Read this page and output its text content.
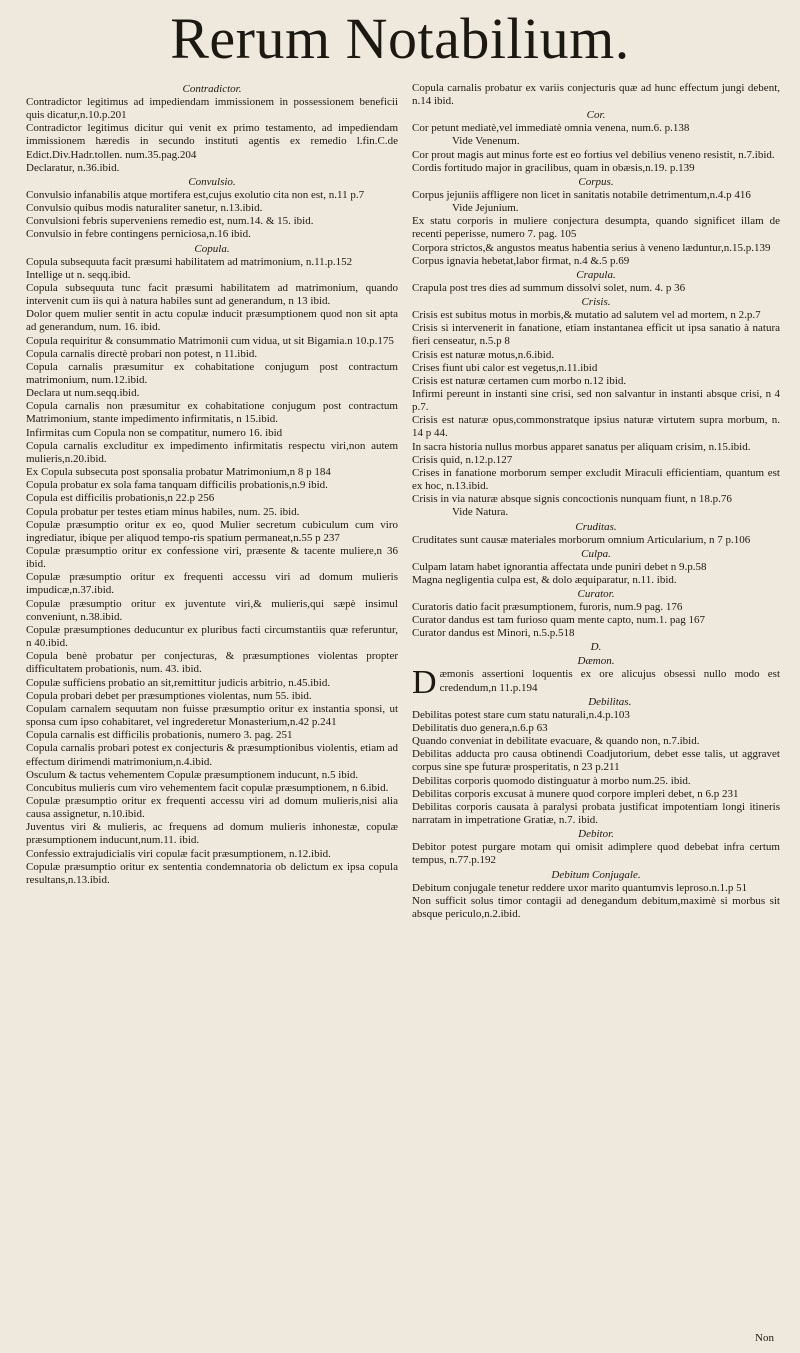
Rerum Notabilium.

Contradictor.

Contradictor legitimus ad impediendam immissionem in possessionem beneficii quis dicatur,n.10.p.201

Contradictor legitimus dicitur qui venit ex primo testamento, ad impediendam immissionem hæredis in secundo instituti agentis ex remedio l.fin.C.de Edict.Div.Hadr.tollen. num.35.pag.204

Declaratur, n.36.ibid.

Convulsio.

Convulsio infanabilis atque mortifera est,cujus exolutio cita non est, n.11 p.7

Convulsio quibus modis naturaliter sanetur, n.13.ibid.

Convulsioni febris superveniens remedio est, num.14. & 15. ibid.

Convulsio in febre contingens perniciosa,n.16 ibid.

Copula.

Copula subsequuta facit præsumi habilitatem ad matrimonium, n.11.p.152

Intellige ut n. seqq.ibid.

Copula subsequuta tunc facit præsumi habilitatem ad matrimonium, quando intervenit cum iis qui à natura habiles sunt ad generandum, n 13 ibid.

Dolor quem mulier sentit in actu copulæ inducit præsumptionem quod non sit apta ad generandum, num. 16. ibid.

Copula requiritur & consummatio Matrimonii cum vidua, ut sit Bigamia.n 10.p.175

Copula carnalis directè probari non potest, n 11.ibid.

Copula carnalis præsumitur ex cohabitatione conjugum post contractum matrimonium, num.12.ibid.

Declara ut num.seqq.ibid.

Copula carnalis non præsumitur ex cohabitatione conjugum post contractum Matrimonium, stante impedimento infirmitatis, n 15.ibid.

Infirmitas cum Copula non se compatitur, numero 16. ibid

Copula carnalis excluditur ex impedimento infirmitatis respectu viri,non autem mulieris,n.20.ibid.

Ex Copula subsecuta post sponsalia probatur Matrimonium,n 8 p 184

Copula probatur ex sola fama tanquam difficilis probationis,n.9 ibid.

Copula est difficilis probationis,n 22.p 256

Copula probatur per testes etiam minus habiles, num. 25. ibid.

Copulæ præsumptio oritur ex eo, quod Mulier secretum cubiculum cum viro ingrediatur, ibique per aliquod tempo-ris spatium permaneat,n.55 p 237

Copulæ præsumptio oritur ex confessione viri, præsente & tacente muliere,n 36 ibid.

Copulæ præsumptio oritur ex frequenti accessu viri ad domum mulieris impudicæ,n.37.ibid.

Copulæ præsumptio oritur ex juventute viri,& mulieris,qui sæpè insimul conveniunt, n.38.ibid.

Copulæ præsumptiones deducuntur ex pluribus facti circumstantiis quæ referuntur, n 40.ibid.

Copula benè probatur per conjecturas, & præsumptiones violentas propter difficultatem probationis, num. 43. ibid.

Copulæ sufficiens probatio an sit,remittitur judicis arbitrio, n.45.ibid.

Copula probari debet per præsumptiones violentas, num 55. ibid.

Copulam carnalem sequutam non fuisse præsumptio oritur ex instantia sponsi, ut sponsa cum ipso cohabitaret, vel ingrederetur Monasterium,n.42 p.241

Copula carnalis est difficilis probationis, numero 3. pag. 251

Copula carnalis probari potest ex conjecturis & præsumptionibus violentis, etiam ad effectum dirimendi matrimonium,n.4.ibid.

Osculum & tactus vehementem Copulæ præsumptionem inducunt, n.5 ibid.

Concubitus mulieris cum viro vehementem facit copulæ præsumptionem, n 6.ibid.

Copulæ præsumptio oritur ex frequenti accessu viri ad domum mulieris,nisi alia causa assignetur, n.10.ibid.

Juventus viri & mulieris, ac frequens ad domum mulieris inhonestæ, copulæ præsumptionem inducunt,num.11. ibid.

Confessio extrajudicialis viri copulæ facit præsumptionem, n.12.ibid.

Copulæ præsumptio oritur ex sententia condemnatoria ob delictum ex ipsa copula resultans,n.13.ibid.

Copula carnalis probatur ex variis conjecturis quæ ad hunc effectum jungi debent, n.14 ibid.

Cor.

Cor petunt mediatè,vel immediatè omnia venena, num.6. p.138

Vide Venenum.

Cor prout magis aut minus forte est eo fortius vel debilius veneno resistit, n.7.ibid.

Cordis fortitudo major in gracilibus, quam in obæsis,n.19. p.139

Corpus.

Corpus jejuniis affligere non licet in sanitatis notabile detrimentum,n.4.p 416

Vide Jejunium.

Ex statu corporis in muliere conjectura desumpta, quando significet illam de recenti peperisse, numero 7. pag. 105

Corpora strictos,& angustos meatus habentia serius à veneno læduntur,n.15.p.139

Corpus ignavia hebetat,labor firmat, n.4 &.5 p.69

Crapula.

Crapula post tres dies ad summum dissolvi solet, num. 4. p 36

Crisis.

Crisis est subitus motus in morbis,& mutatio ad salutem vel ad mortem, n 2.p.7

Crisis si intervenerit in fanatione, etiam instantanea efficit ut ipsa sanatio à natura fieri censeatur, n.5.p 8

Crisis est naturæ motus,n.6.ibid.

Crises fiunt ubi calor est vegetus,n.11.ibid

Crisis est naturæ certamen cum morbo n.12 ibid.

Infirmi pereunt in instanti sine crisi, sed non salvantur in instanti absque crisi, n 4 p.7.

Crisis est naturæ opus,commonstratque ipsius naturæ virtutem supra morbum, n. 14 p 44.

In sacra historia nullus morbus apparet sanatus per aliquam crisim, n.15.ibid.

Crisis quid, n.12.p.127

Crises in fanatione morborum semper excludit Miraculi efficientiam, quantum est ex hoc, n.13.ibid.

Crisis in via naturæ absque signis concoctionis nunquam fiunt, n 18.p.76

Vide Natura.

Cruditas.

Cruditates sunt causæ materiales morborum omnium Articularium, n 7 p.106

Culpa.

Culpam latam habet ignorantia affectata unde puniri debet n 9.p.58

Magna negligentia culpa est, & dolo æquiparatur, n.11. ibid.

Curator.

Curatoris datio facit præsumptionem, furoris, num.9 pag. 176

Curator dandus est tam furioso quam mente capto, num.1. pag 167

Curator dandus est Minori, n.5.p.518

D.

Dæmon.

Dæmonis assertioni loquentis ex ore alicujus obsessi nullo modo est credendum,n 11.p.194

Debilitas.

Debilitas potest stare cum statu naturali,n.4.p.103

Debilitatis duo genera,n.6.p 63

Quando conveniat in debilitate evacuare, & quando non, n.7.ibid.

Debilitas adducta pro causa obtinendi Coadjutorium, debet esse talis, ut aggravet corpus sine spe futuræ prosperitatis, n 23 p.211

Debilitas corporis quomodo distinguatur à morbo num.25. ibid.

Debilitas corporis excusat à munere quod corpore impleri debet, n 6.p 231

Debilitas corporis causata à paralysi probata justificat impotentiam longi itineris narratam in impetratione Gratiæ, n.7. ibid.

Debitor.

Debitor potest purgare motam qui omisit adimplere quod debebat infra certum tempus, n.77.p.192

Debitum Conjugale.

Debitum conjugale tenetur reddere uxor marito quantumvis leproso.n.1.p 51

Non sufficit solus timor contagii ad denegandum debitum,maximè si morbus sit absque periculo,n.2.ibid.

Non
